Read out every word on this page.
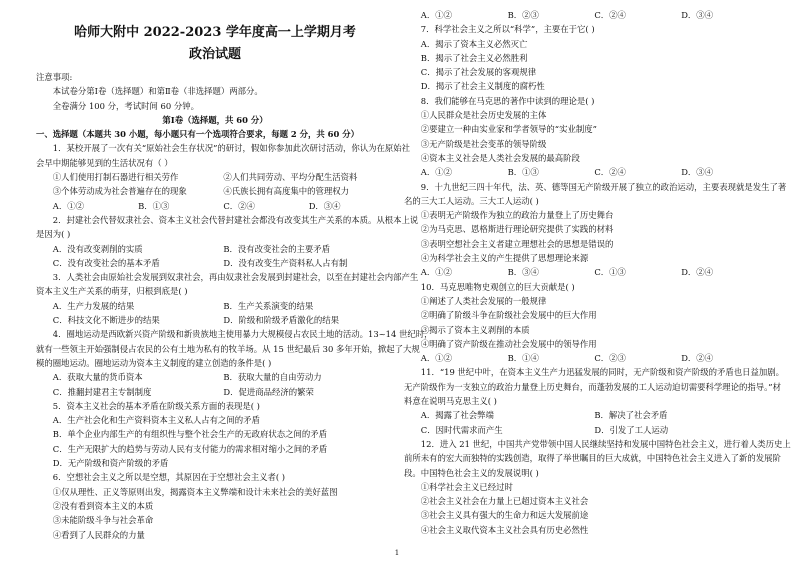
哈师大附中 2022-2023 学年度高一上学期月考
政治试题
注意事项:
本试卷分第Ⅰ卷（选择题）和第Ⅱ卷（非选择题）两部分。
全卷满分 100 分，考试时间 60 分钟。
第Ⅰ卷（选择题，共 60 分）
一、选择题（本题共 30 小题，每小题只有一个选项符合要求，每题 2 分，共 60 分）
1．某校开展了一次有关“原始社会生存状况”的研讨，假如你参加此次研讨活动，你认为在原始社
会早中期能够见到的生活状况有（ ）
①人们使用打制石器进行相关劳作	②人们共同劳动、平均分配生活资料
③个体劳动成为社会普遍存在的现象	④氏族长拥有高度集中的管理权力
A．①②	B．①③	C．②④	D．③④
2．封建社会代替奴隶社会、资本主义社会代替封建社会都没有改变其生产关系的本质。从根本上说
是因为( )
A．没有改变剥削的实质	B．没有改变社会的主要矛盾
C．没有改变社会的基本矛盾	D．没有改变生产资料私人占有制
3．人类社会由原始社会发展到奴隶社会，再由奴隶社会发展到封建社会，以至在封建社会内部产生
资本主义生产关系的萌芽，归根到底是( )
A．生产力发展的结果	B．生产关系演变的结果
C．科技文化不断进步的结果	D．阶级和阶级矛盾激化的结果
4．圈地运动是西欧新兴资产阶级和新贵族地主使用暴力大规模侵占农民土地的活动。13~14 世纪时，
就有一些领主开始强制侵占农民的公有土地为私有的牧羊场。从 15 世纪最后 30 多年开始，掀起了大规
模的圈地运动。圈地运动为资本主义制度的建立创造的条件是( )
A．获取大量的货币资本	B．获取大量的自由劳动力
C．推翻封建君主专制制度	D．促进商品经济的繁荣
5．资本主义社会的基本矛盾在阶级关系方面的表现是( )
A．生产社会化和生产资料资本主义私人占有之间的矛盾
B．单个企业内部生产的有组织性与整个社会生产的无政府状态之间的矛盾
C．生产无限扩大的趋势与劳动人民有支付能力的需求相对缩小之间的矛盾
D．无产阶级和资产阶级的矛盾
6．空想社会主义之所以是空想，其原因在于空想社会主义者( )
①仅从理性、正义等原则出发，揭露资本主义弊端和设计未来社会的美好蓝图
②没有看到资本主义的本质
③未能阶级斗争与社会革命
④看到了人民群众的力量
A．①②	B．②③	C．②④	D．③④
7．科学社会主义之所以“科学”，主要在于它( )
A．揭示了资本主义必然灭亡
B．揭示了社会主义必然胜利
C．揭示了社会发展的客观规律
D．揭示了社会主义制度的腐朽性
8．我们能够在马克思的著作中读到的理论是( )
①人民群众是社会历史发展的主体
②要建立一种由实业家和学者领导的“实业制度”
③无产阶级是社会变革的领导阶级
④资本主义社会是人类社会发展的最高阶段
A．①②	B．①③	C．②④	D．③④
9．十九世纪三四十年代，法、英、德等国无产阶级开展了独立的政治运动，主要表现就是发生了著
名的三大工人运动。三大工人运动( )
①表明无产阶级作为独立的政治力量登上了历史舞台
②为马克思、恩格斯进行理论研究提供了实践的材料
③表明空想社会主义者建立理想社会的思想是错误的
④为科学社会主义的产生提供了思想理论来源
A．①②	B．③④	C．①③	D．②④
10．马克思唯物史观创立的巨大贡献是( )
①阐述了人类社会发展的一般规律
②明确了阶级斗争在阶级社会发展中的巨大作用
③揭示了资本主义剥削的本质
④明确了资产阶级在推动社会发展中的领导作用
A．①②	B．①④	C．②③	D．②④
11．“19 世纪中叶，在资本主义生产力迅猛发展的同时，无产阶级和资产阶级的矛盾也日益加剧。
无产阶级作为一支独立的政治力量登上历史舞台，而蓬勃发展的工人运动迫切需要科学理论的指导。”材
料意在说明马克思主义( )
A．揭露了社会弊端	B．解决了社会矛盾
C．因时代需求而产生	D．引发了工人运动
12．进入 21 世纪，中国共产党带领中国人民继续坚持和发展中国特色社会主义，进行着人类历史上
前所未有的宏大而独特的实践创造，取得了举世瞩目的巨大成就，中国特色社会主义进入了新的发展阶
段。中国特色社会主义的发展说明( )
①科学社会主义已经过时
②社会主义社会在力量上已超过资本主义社会
③社会主义具有强大的生命力和远大发展前途
④社会主义取代资本主义社会具有历史必然性
1
